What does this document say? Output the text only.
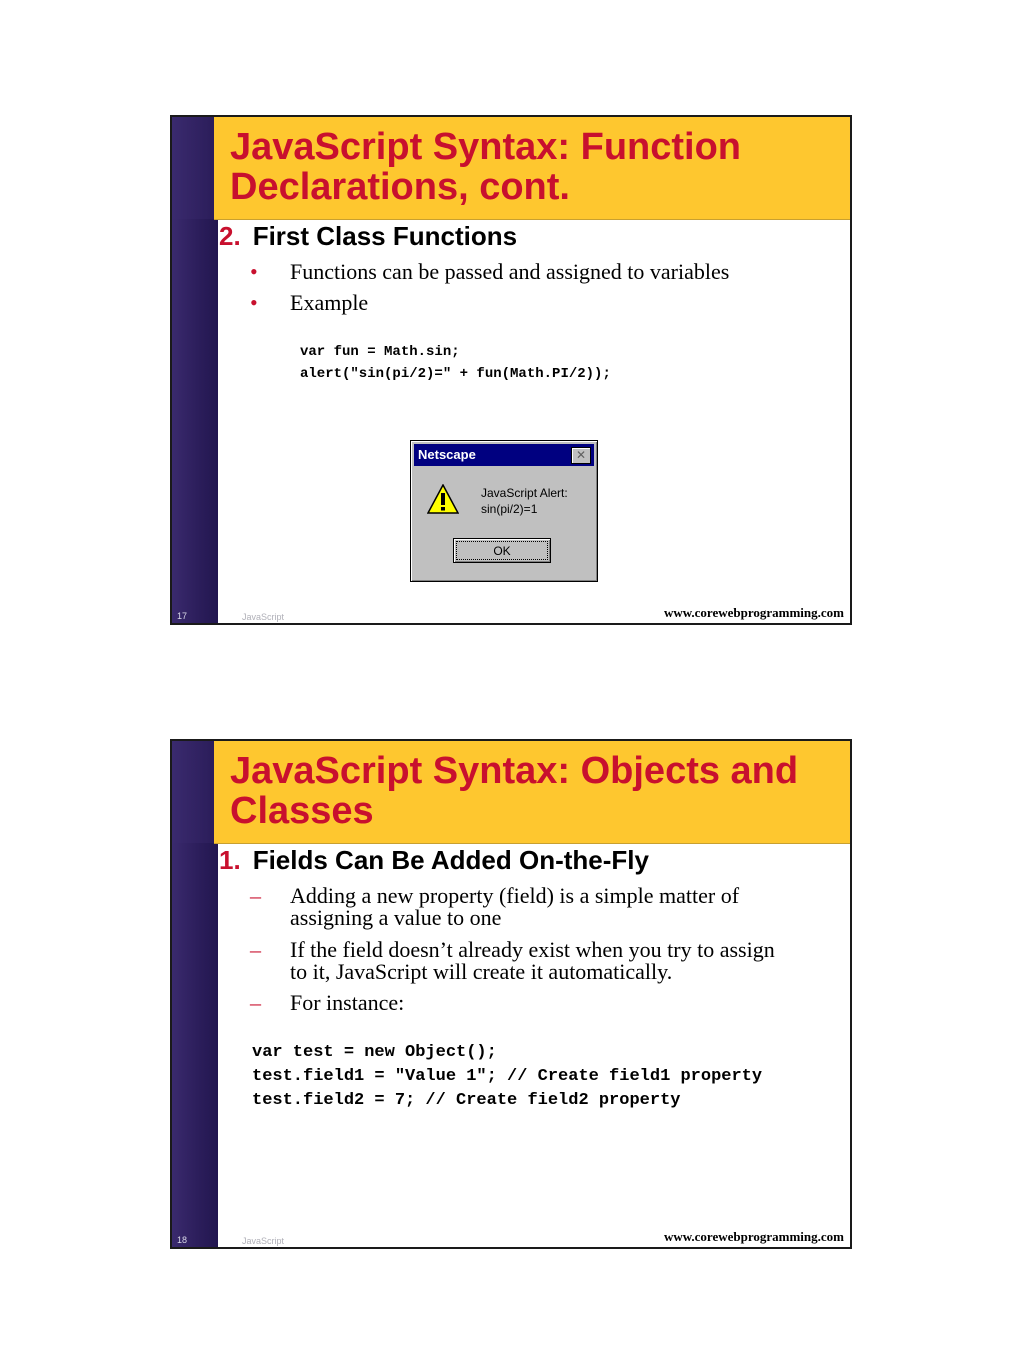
JavaScript Syntax: Function
Declarations, cont.
2. First Class Functions
• Functions can be passed and assigned to variables
• Example
var fun = Math.sin;
alert("sin(pi/2)=" + fun(Math.PI/2));
Netscape	✕
JavaScript Alert:
sin(pi/2)=1
OK
17	JavaScript	www.corewebprogramming.com
JavaScript Syntax: Objects and
Classes
1. Fields Can Be Added On-the-Fly
– Adding a new property (field) is a simple matter of
assigning a value to one
– If the field doesn’t already exist when you try to assign
to it, JavaScript will create it automatically.
– For instance:
var test = new Object();
test.field1 = "Value 1"; // Create field1 property
test.field2 = 7; // Create field2 property
18	JavaScript	www.corewebprogramming.com
